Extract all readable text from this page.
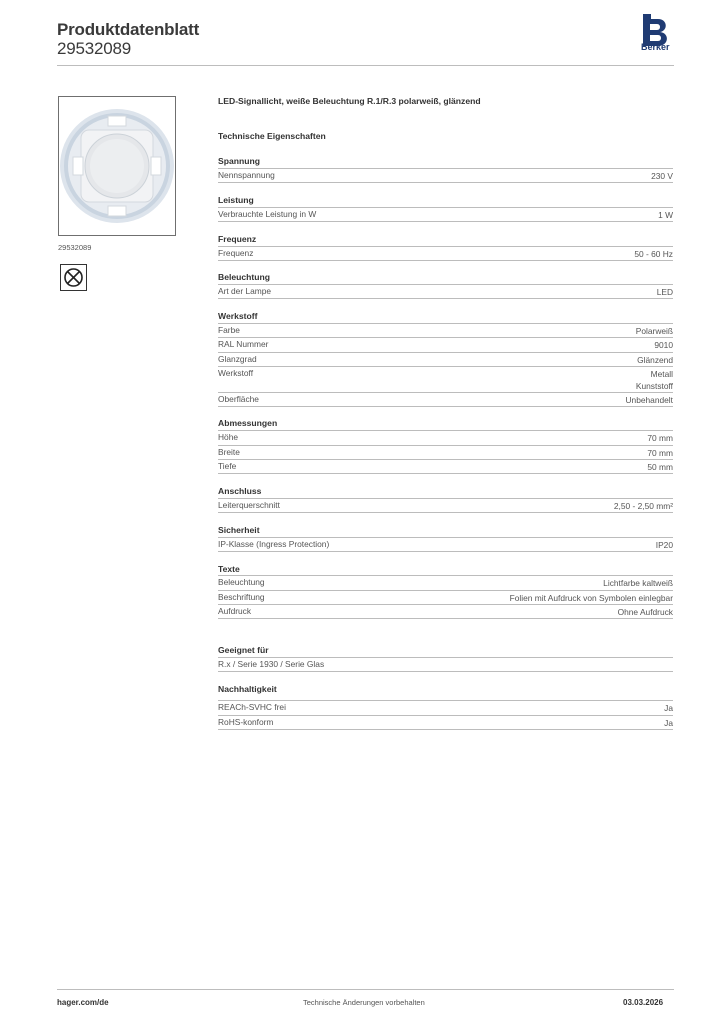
Produktdatenblatt
29532089	Berker
29532089
LED-Signallicht, weiße Beleuchtung R.1/R.3 polarweiß, glänzend
Technische Eigenschaften
Spannung
Nennspannung	230 V
Leistung
Verbrauchte Leistung in W	1 W
Frequenz
Frequenz	50 - 60 Hz
Beleuchtung
Art der Lampe	LED
Werkstoff
Farbe	Polarweiß
RAL Nummer	9010
Glanzgrad	Glänzend
Werkstoff	Metall
Kunststoff
Oberfläche	Unbehandelt
Abmessungen
Höhe	70 mm
Breite	70 mm
Tiefe	50 mm
Anschluss
Leiterquerschnitt	2,50 - 2,50 mm²
Sicherheit
IP-Klasse (Ingress Protection)	IP20
Texte
Beleuchtung	Lichtfarbe kaltweiß
Beschriftung	Folien mit Aufdruck von Symbolen einlegbar
Aufdruck	Ohne Aufdruck
Geeignet für
R.x / Serie 1930 / Serie Glas
Nachhaltigkeit
REACh-SVHC frei	Ja
RoHS-konform	Ja
hager.com/de	Technische Änderungen vorbehalten	03.03.2026
